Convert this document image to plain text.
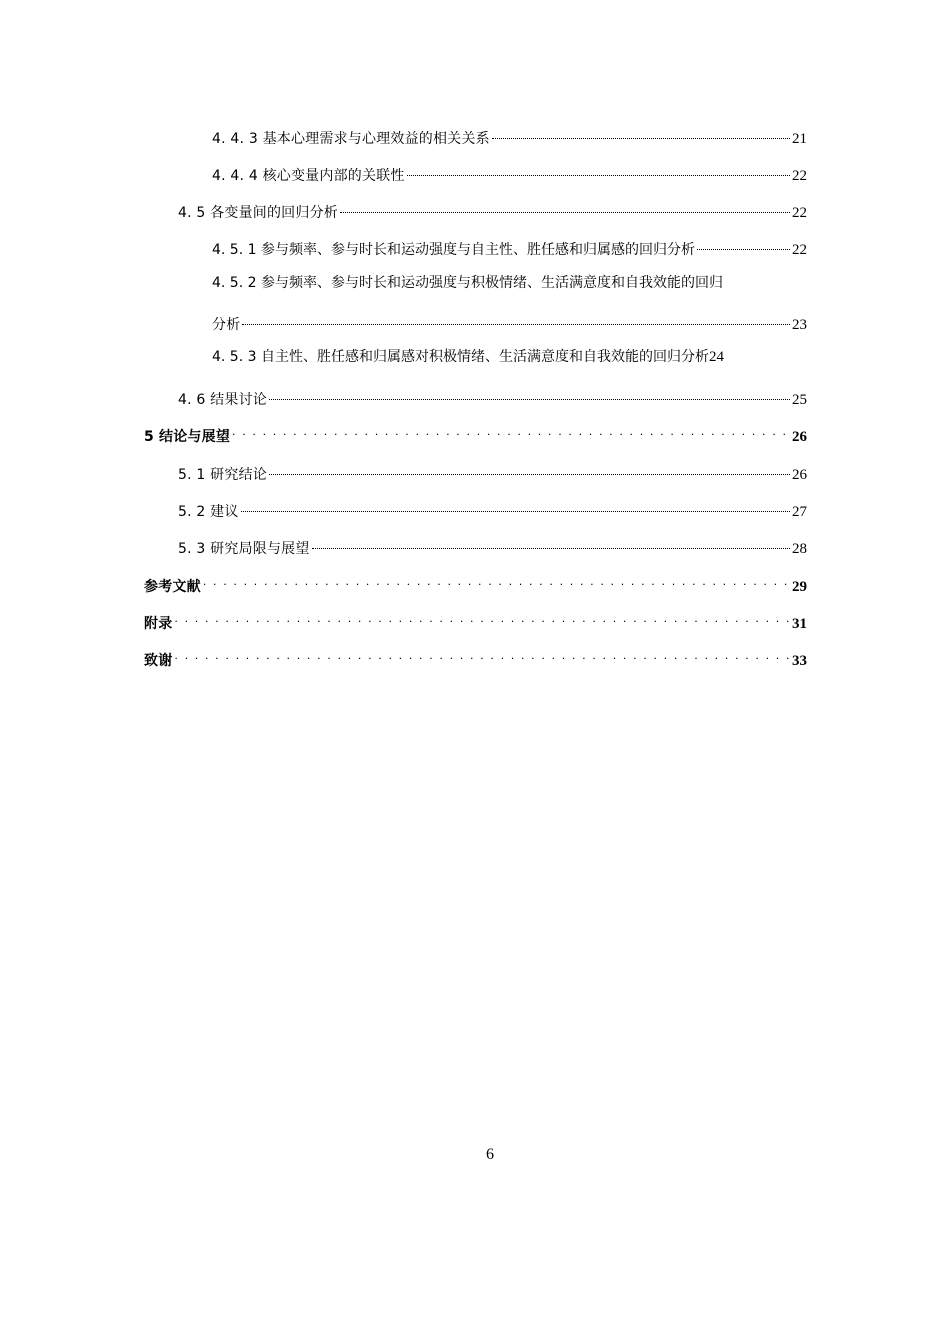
4. 4. 3 基本心理需求与心理效益的相关关系	21
4. 4. 4 核心变量内部的关联性	22
4. 5 各变量间的回归分析	22
4. 5. 1 参与频率、参与时长和运动强度与自主性、胜任感和归属感的回归分析	22
4. 5. 2 参与频率、参与时长和运动强度与积极情绪、生活满意度和自我效能的回归
分析	23
4. 5. 3 自主性、胜任感和归属感对积极情绪、生活满意度和自我效能的回归分析 24
4. 6 结果讨论	25
5 结论与展望 . . .	26
5. 1 研究结论	26
5. 2 建议	27
5. 3 研究局限与展望	28
参考文献 . . .	29
附录 . . .	31
致谢 . . .	33
6
